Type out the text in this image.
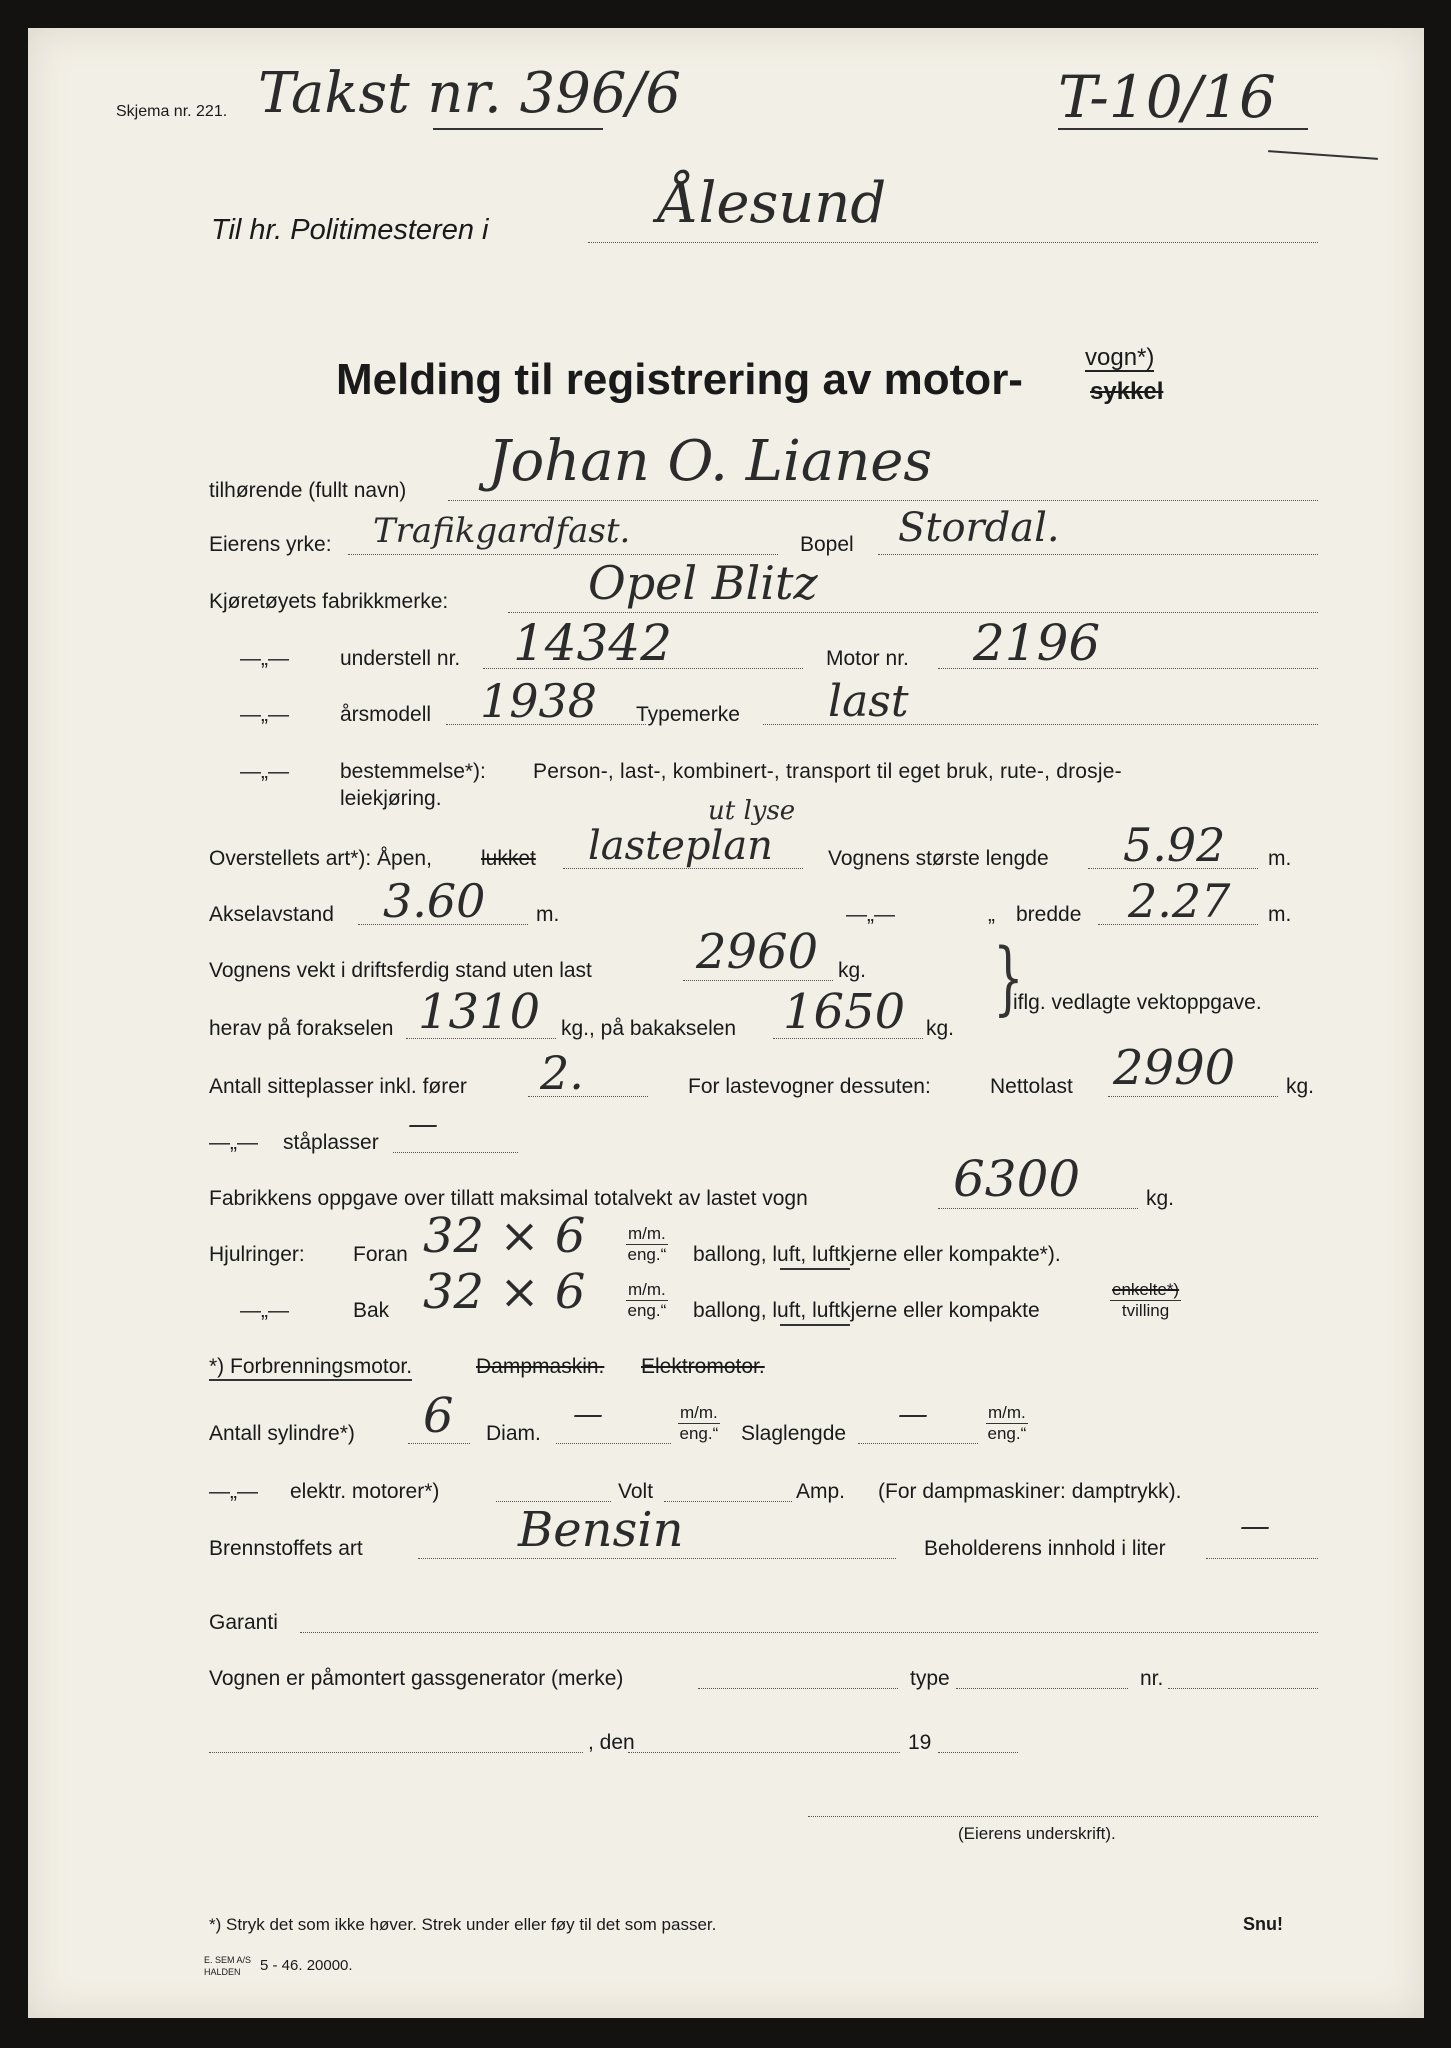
Skjema nr. 221. Takst nr. 396/6	T-10/16
Til hr. Politimesteren i	Ålesund
Melding til registrering av motor-	vogn*)
sykkel
tilhørende (fullt navn) Johan O. Lianes
Eierens yrke: Trafikgardfast.	Bopel Stordal.
Kjøretøyets fabrikkmerke:	Opel Blitz
—„— understell nr. 14342	Motor nr. 2196
—„— årsmodell 1938 Typemerke last
—„— bestemmelse*): Person-, last-, kombinert-, transport til eget bruk, rute-, drosje-
leiekjøring.
Overstellets art*): Åpen, lukket lasteplan
ut lyse
Vognens største lengde 5.92 m.
Akselavstand 3.60 m.	—„—	„ bredde 2.27 m.
Vognens vekt i driftsferdig stand uten last 2960 kg. }
iflg. vedlagte vektoppgave.
herav på forakselen 1310 kg., på bakakselen 1650 kg.
Antall sitteplasser inkl. fører 2.	For lastevogner dessuten:	Nettolast 2990 kg.
—„— ståplasser
—
Fabrikkens oppgave over tillatt maksimal totalvekt av lastet vogn	6300	kg.
Hjulringer: Foran 32 × 6	m/m.
eng.“ ballong, luft, luftkjerne eller kompakte*).
—„—	Bak 32 × 6	m/m.
eng.“ ballong, luft, luftkjerne eller kompakte
enkelte*)
tvilling
*) Forbrenningsmotor.	Dampmaskin. Elektromotor.
Antall sylindre*) 6 Diam.
—	m/m.
eng.“ Slaglengde
—	m/m.
eng.“
—„— elektr. motorer*)	Volt	Amp. (For dampmaskiner: damptrykk).
Brennstoffets art	Bensin	Beholderens innhold i liter
—
Garanti
Vognen er påmontert gassgenerator (merke)	type	nr.
, den	19
(Eierens underskrift).
*) Stryk det som ikke høver. Strek under eller føy til det som passer.	Snu!
E. SEM A/S
HALDEN 5 - 46. 20000.
